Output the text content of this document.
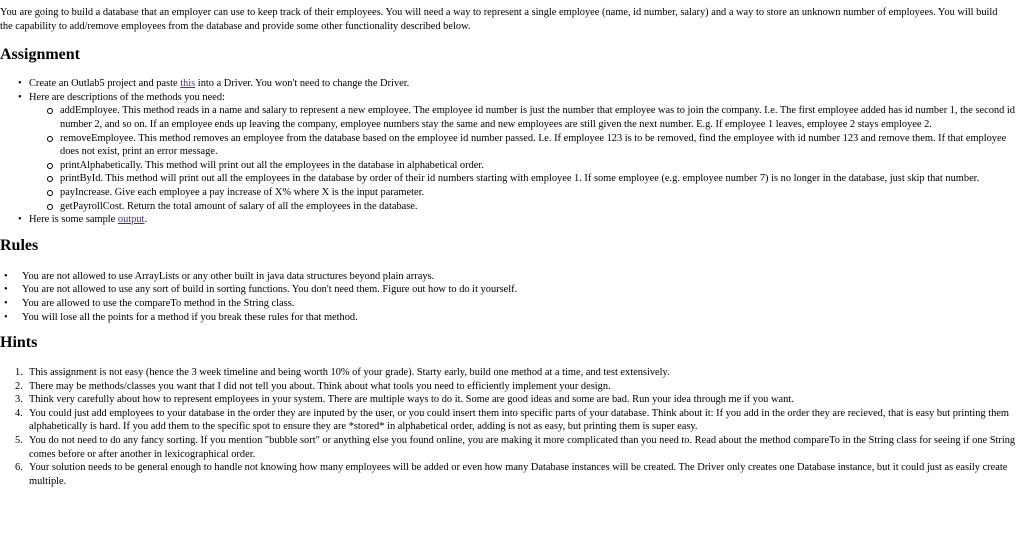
You are going to build a database that an employer can use to keep track of their employees. You will need a way to represent a single employee (name, id number, salary) and a way to store an unknown number of employees. You will build the capability to add/remove employees from the database and provide some other functionality described below.

Assignment
• Create an Outlab5 project and paste this into a Driver. You won't need to change the Driver.
• Here are descriptions of the methods you need:
addEmployee. This method reads in a name and salary to represent a new employee. The employee id number is just the number that employee was to join the company. I.e. The first employee added has id number 1, the second id number 2, and so on. If an employee ends up leaving the company, employee numbers stay the same and new employees are still given the next number. E.g. If employee 1 leaves, employee 2 stays employee 2.
removeEmployee. This method removes an employee from the database based on the employee id number passed. I.e. If employee 123 is to be removed, find the employee with id number 123 and remove them. If that employee does not exist, print an error message.
printAlphabetically. This method will print out all the employees in the database in alphabetical order.
printById. This method will print out all the employees in the database by order of their id numbers starting with employee 1. If some employee (e.g. employee number 7) is no longer in the database, just skip that number.
payIncrease. Give each employee a pay increase of X% where X is the input parameter.
getPayrollCost. Return the total amount of salary of all the employees in the database.
• Here is some sample output.
Rules
• You are not allowed to use ArrayLists or any other built in java data structures beyond plain arrays.
• You are not allowed to use any sort of build in sorting functions. You don't need them. Figure out how to do it yourself.
• You are allowed to use the compareTo method in the String class.
• You will lose all the points for a method if you break these rules for that method.
Hints
1. This assignment is not easy (hence the 3 week timeline and being worth 10% of your grade). Starty early, build one method at a time, and test extensively.
2. There may be methods/classes you want that I did not tell you about. Think about what tools you need to efficiently implement your design.
3. Think very carefully about how to represent employees in your system. There are multiple ways to do it. Some are good ideas and some are bad. Run your idea through me if you want.
4. You could just add employees to your database in the order they are inputed by the user, or you could insert them into specific parts of your database. Think about it: If you add in the order they are recieved, that is easy but printing them alphabetically is hard. If you add them to the specific spot to ensure they are *stored* in alphabetical order, adding is not as easy, but printing them is super easy.
5. You do not need to do any fancy sorting. If you mention "bubble sort" or anything else you found online, you are making it more complicated than you need to. Read about the method compareTo in the String class for seeing if one String comes before or after another in lexicographical order.
6. Your solution needs to be general enough to handle not knowing how many employees will be added or even how many Database instances will be created. The Driver only creates one Database instance, but it could just as easily create multiple.
